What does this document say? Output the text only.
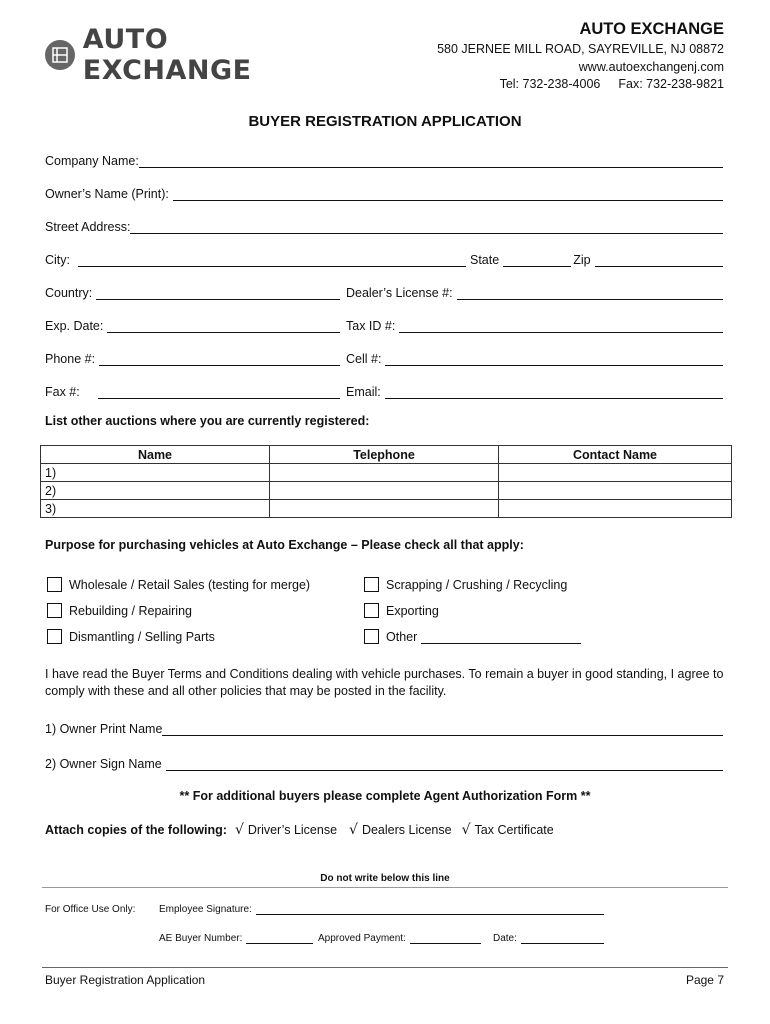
AUTO EXCHANGE
AUTO EXCHANGE
580 JERNEE MILL ROAD, SAYREVILLE, NJ 08872
www.autoexchangenj.com
Tel: 732-238-4006 Fax: 732-238-9821
BUYER REGISTRATION APPLICATION
Company Name:
Owner’s Name (Print):
Street Address:
City:	State	Zip
Country:	Dealer’s License #:
Exp. Date:	Tax ID #:
Phone #:	Cell #:
Fax #:	Email:
List other auctions where you are currently registered:
Name	Telephone	Contact Name
1)		
2)		
3)		
Purpose for purchasing vehicles at Auto Exchange – Please check all that apply:
Wholesale / Retail Sales (testing for merge)
Rebuilding / Repairing
Dismantling / Selling Parts
Scrapping / Crushing / Recycling
Exporting
Other
I have read the Buyer Terms and Conditions dealing with vehicle purchases. To remain a buyer in good standing, I agree to comply with these and all other policies that may be posted in the facility.
1) Owner Print Name
2) Owner Sign Name
** For additional buyers please complete Agent Authorization Form **
Attach copies of the following: √ Driver’s License √ Dealers License √ Tax Certificate
Do not write below this line
For Office Use Only: Employee Signature:
AE Buyer Number:	Approved Payment:	Date:
Buyer Registration Application	Page 7
